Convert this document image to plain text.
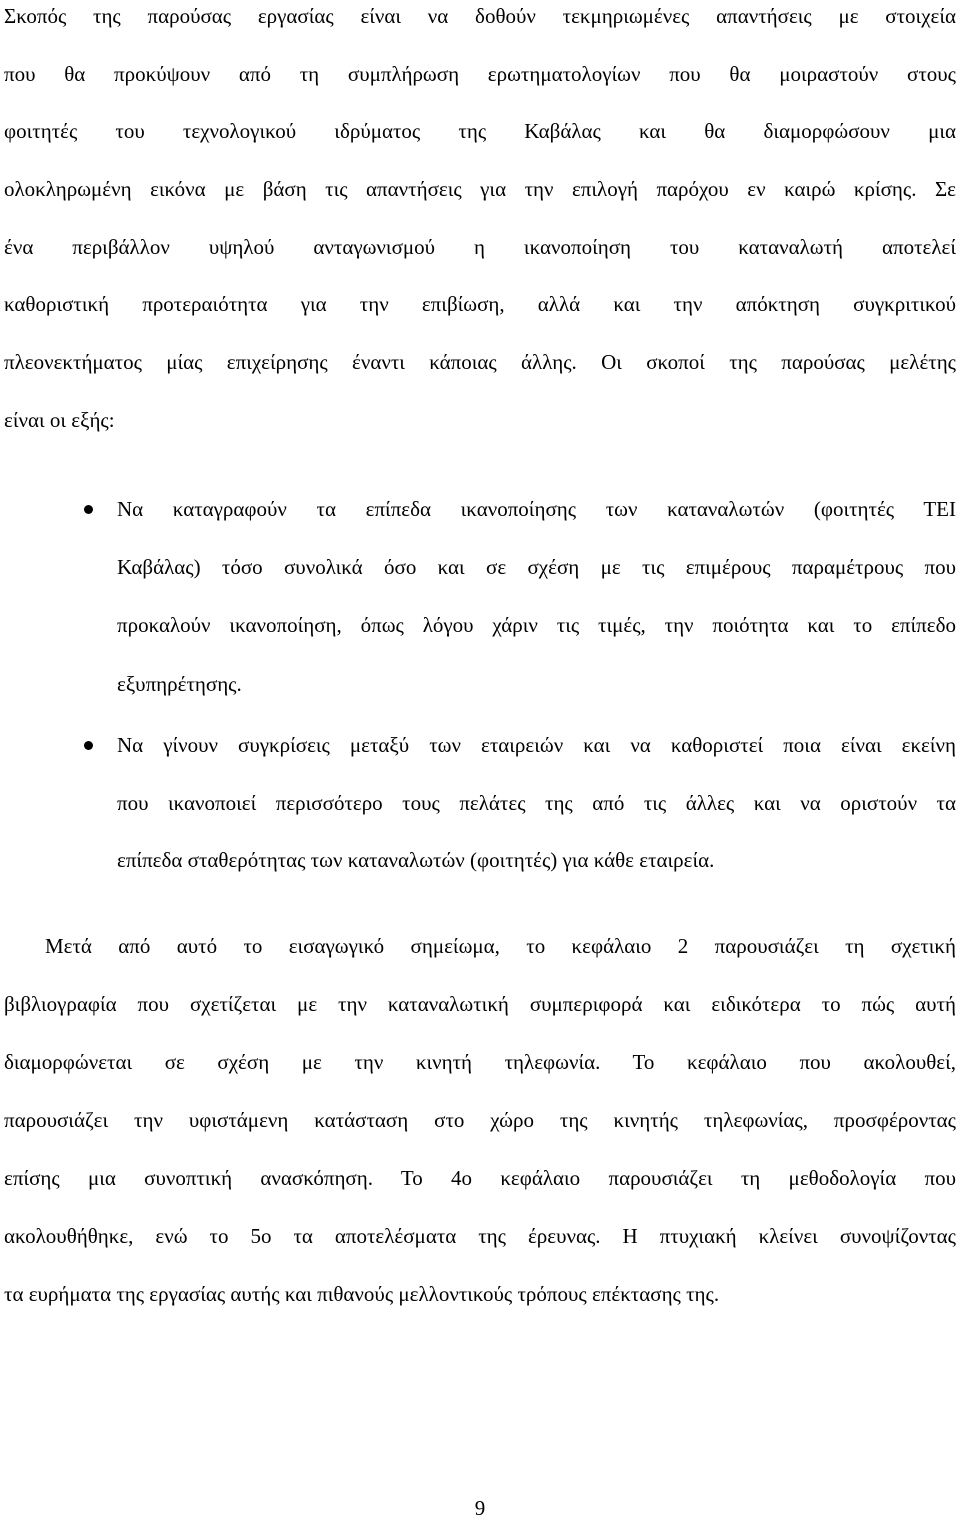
Σκοπός της παρούσας εργασίας είναι να δοθούν τεκμηριωμένες απαντήσεις με στοιχεία

που θα προκύψουν από τη συμπλήρωση ερωτηματολογίων που θα μοιραστούν στους

φοιτητές του τεχνολογικού ιδρύματος της Καβάλας και θα διαμορφώσουν μια

ολοκληρωμένη εικόνα με βάση τις απαντήσεις για την επιλογή παρόχου εν καιρώ κρίσης. Σε

ένα περιβάλλον υψηλού ανταγωνισμού η ικανοποίηση του καταναλωτή αποτελεί

καθοριστική προτεραιότητα για την επιβίωση, αλλά και την απόκτηση συγκριτικού

πλεονεκτήματος μίας επιχείρησης έναντι κάποιας άλλης. Οι σκοποί της παρούσας μελέτης

είναι οι εξής:

Να καταγραφούν τα επίπεδα ικανοποίησης των καταναλωτών (φοιτητές ΤΕΙ

Καβάλας) τόσο συνολικά όσο και σε σχέση με τις επιμέρους παραμέτρους που

προκαλούν ικανοποίηση, όπως λόγου χάριν τις τιμές, την ποιότητα και το επίπεδο

εξυπηρέτησης.

Να γίνουν συγκρίσεις μεταξύ των εταιρειών και να καθοριστεί ποια είναι εκείνη

που ικανοποιεί περισσότερο τους πελάτες της από τις άλλες και να οριστούν τα

επίπεδα σταθερότητας των καταναλωτών (φοιτητές) για κάθε εταιρεία.

Μετά από αυτό το εισαγωγικό σημείωμα, το κεφάλαιο 2 παρουσιάζει τη σχετική

βιβλιογραφία που σχετίζεται με την καταναλωτική συμπεριφορά και ειδικότερα το πώς αυτή

διαμορφώνεται σε σχέση με την κινητή τηλεφωνία. Το κεφάλαιο που ακολουθεί,

παρουσιάζει την υφιστάμενη κατάσταση στο χώρο της κινητής τηλεφωνίας, προσφέροντας

επίσης μια συνοπτική ανασκόπηση. Το 4ο κεφάλαιο παρουσιάζει τη μεθοδολογία που

ακολουθήθηκε, ενώ το 5ο τα αποτελέσματα της έρευνας. Η πτυχιακή κλείνει συνοψίζοντας

τα ευρήματα της εργασίας αυτής και πιθανούς μελλοντικούς τρόπους επέκτασης της.

9
